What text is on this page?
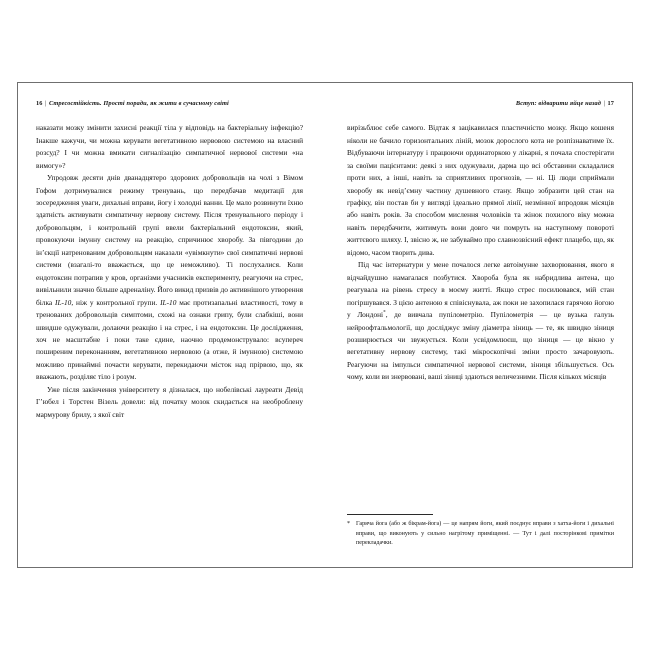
16 | Стресостійкість. Прості поради, як жити в сучасному світі

наказати мозку змінити захисні реакції тіла у відповідь на бактеріальну інфекцію? Інакше кажучи, чи можна керувати вегетативною нервовою системою на власний розсуд? І чи можна вмикати сигналізацію симпатичної нервової системи «на вимогу»?

Упродовж десяти днів дванадцятеро здорових добровольців на чолі з Вімом Гофом дотримувалися режиму тренувань, що передбачав медитації для зосередження уваги, дихальні вправи, йогу і холодні ванни. Це мало розвинути їхню здатність активувати симпатичну нервову систему. Після тренувального періоду і добровольцям, і контрольній групі ввели бактеріальний ендотоксин, який, провокуючи імунну систему на реакцію, спричинює хворобу. За півгодини до ін’єкції натренованим добровольцям наказали «увімкнути» свої симпатичні нервові системи (взагалі-то вважається, що це неможливо). Ті послухалися. Коли ендотоксин потрапив у кров, організми учасників експерименту, реагуючи на стрес, вивільнили значно більше адреналіну. Його викид призвів до активнішого утворення білка IL-10, ніж у контрольної групи. IL-10 має протизапальні властивості, тому в тренованих добровольців симптоми, схожі на ознаки грипу, були слабкіші, вони швидше одужували, долаючи реакцію і на стрес, і на ендотоксин. Це дослідження, хоч не масштабне і поки таке єдине, наочно продемонструвало: всупереч поширеним переконанням, вегетативною нервовою (а отже, й імунною) системою можливо принаймні почасти керувати, перекидаючи місток над прірвою, що, як вважають, розділяє тіло і розум.

Уже після закінчення університету я дізналася, що нобелівські лауреати Девід Г’юбел і Торстен Візель довели: від початку мозок скидається на необроблену мармурову брилу, з якої світ

Вступ: відварити яйце назад | 17

вирізьблює себе самого. Відтак я зацікавилася пластичністю мозку. Якщо кошеня ніколи не бачило горизонтальних ліній, мозок дорослого кота не розпізнаватиме їх. Відбуваючи інтернатуру і працюючи ординаторкою у лікарні, я почала спостерігати за своїми пацієнтами: деякі з них одужували, дарма що всі обставини складалися проти них, а інші, навіть за сприятливих прогнозів, — ні. Ці люди сприймали хворобу як невід’ємну частину душевного стану. Якщо зобразити цей стан на графіку, він постав би у вигляді ідеально прямої лінії, незмінної впродовж місяців або навіть років. За способом мислення чоловіків та жінок похилого віку можна навіть передбачити, житимуть вони довго чи помруть на наступному повороті життєвого шляху. І, звісно ж, не забуваймо про славнозвісний ефект плацебо, що, як відомо, часом творить дива.

Під час інтернатури у мене почалося легке автоімунне захворювання, якого я відчайдушно намагалася позбутися. Хвороба була як набридлива антена, що реагувала на рівень стресу в моєму житті. Якщо стрес посилювався, мій стан погіршувався. З цією антеною я співіснувала, аж поки не захопилася гарячою йогою у Лондоні*, де вивчала пупілометрію. Пупілометрія — це вузька галузь нейроофтальмології, що досліджує зміну діаметра зіниць — те, як швидко зіниця розширюється чи звужується. Коли усвідомлюєш, що зіниця — це вікно у вегетативну нервову систему, такі мікроскопічні зміни просто зачаровують. Реагуючи на імпульси симпатичної нервової системи, зіниця збільшується. Ось чому, коли ви знервовані, ваші зіниці здаються величезними. Після кількох місяців

* Гаряча йога (або ж бікрам-йога) — це напрям йоги, який поєднує вправи з хатха-йоги і дихальні вправи, що виконують у сильно нагрітому приміщенні. — Тут і далі посторінкові примітки перекладачки.
